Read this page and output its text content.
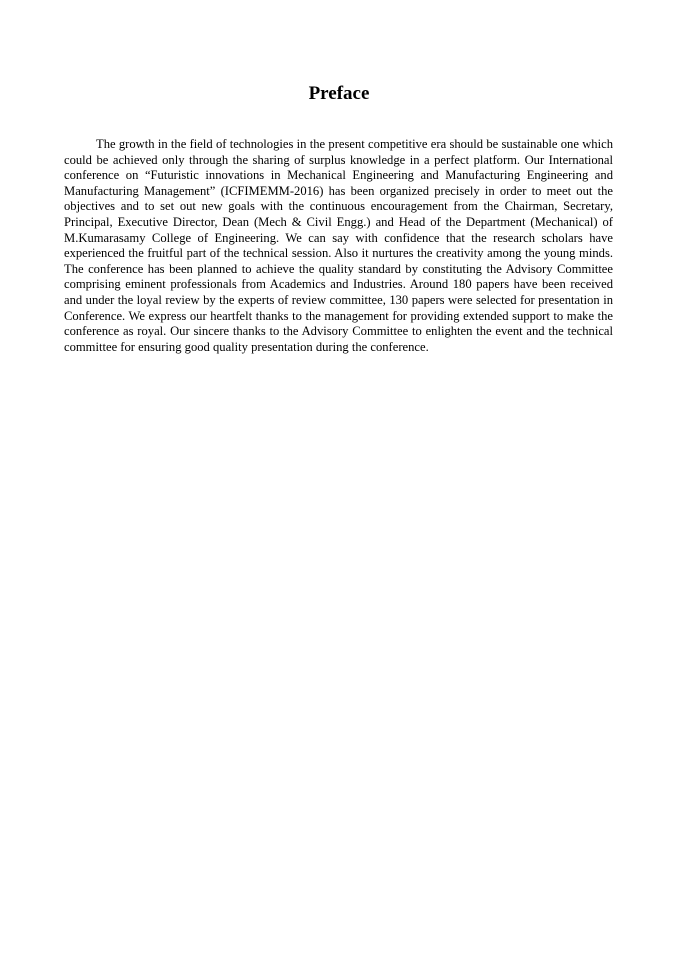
Preface

The growth in the field of technologies in the present competitive era should be sustainable one which could be achieved only through the sharing of surplus knowledge in a perfect platform. Our International conference on “Futuristic innovations in Mechanical Engineering and Manufacturing Engineering and Manufacturing Management” (ICFIMEMM-2016) has been organized precisely in order to meet out the objectives and to set out new goals with the continuous encouragement from the Chairman, Secretary, Principal, Executive Director, Dean (Mech & Civil Engg.) and Head of the Department (Mechanical) of M.Kumarasamy College of Engineering. We can say with confidence that the research scholars have experienced the fruitful part of the technical session. Also it nurtures the creativity among the young minds. The conference has been planned to achieve the quality standard by constituting the Advisory Committee comprising eminent professionals from Academics and Industries. Around 180 papers have been received and under the loyal review by the experts of review committee, 130 papers were selected for presentation in Conference. We express our heartfelt thanks to the management for providing extended support to make the conference as royal. Our sincere thanks to the Advisory Committee to enlighten the event and the technical committee for ensuring good quality presentation during the conference.
